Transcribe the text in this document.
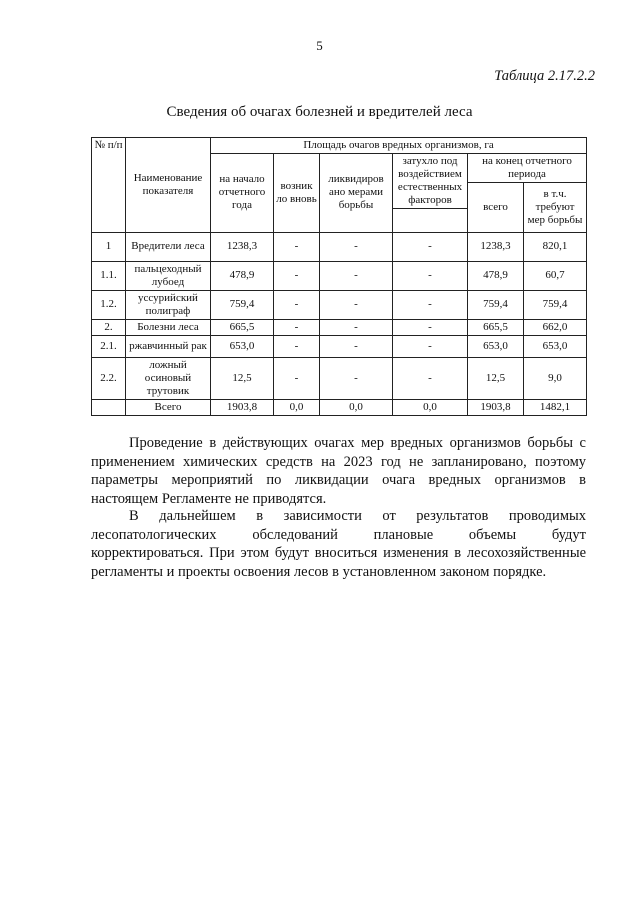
5
Таблица 2.17.2.2
Сведения об очагах болезней и вредителей леса
№ п/п	Наименование показателя	Площадь очагов вредных организмов, га					
		на начало отчетного года	возник ло вновь	ликвидиров ано мерами борьбы	затухло под воздействием естественных факторов	на конец отчетного периода	
						всего	в т.ч. требуют мер борьбы

1	Вредители леса	1238,3	-	-	-	1238,3	820,1
1.1.	пальцеходный лубоед	478,9	-	-	-	478,9	60,7
1.2.	уссурийский полиграф	759,4	-	-	-	759,4	759,4
2.	Болезни леса	665,5	-	-	-	665,5	662,0
2.1.	ржавчинный рак	653,0	-	-	-	653,0	653,0
2.2.	ложный осиновый трутовик	12,5	-	-	-	12,5	9,0
	Всего	1903,8	0,0	0,0	0,0	1903,8	1482,1
Проведение в действующих очагах мер вредных организмов борьбы с
применением химических средств на 2023 год не запланировано, поэтому
параметры мероприятий по ликвидации очага вредных организмов в
настоящем Регламенте не приводятся.
В дальнейшем в зависимости от результатов проводимых
лесопатологических обследований плановые объемы будут
корректироваться. При этом будут вноситься изменения в лесохозяйственные
регламенты и проекты освоения лесов в установленном законом порядке.
